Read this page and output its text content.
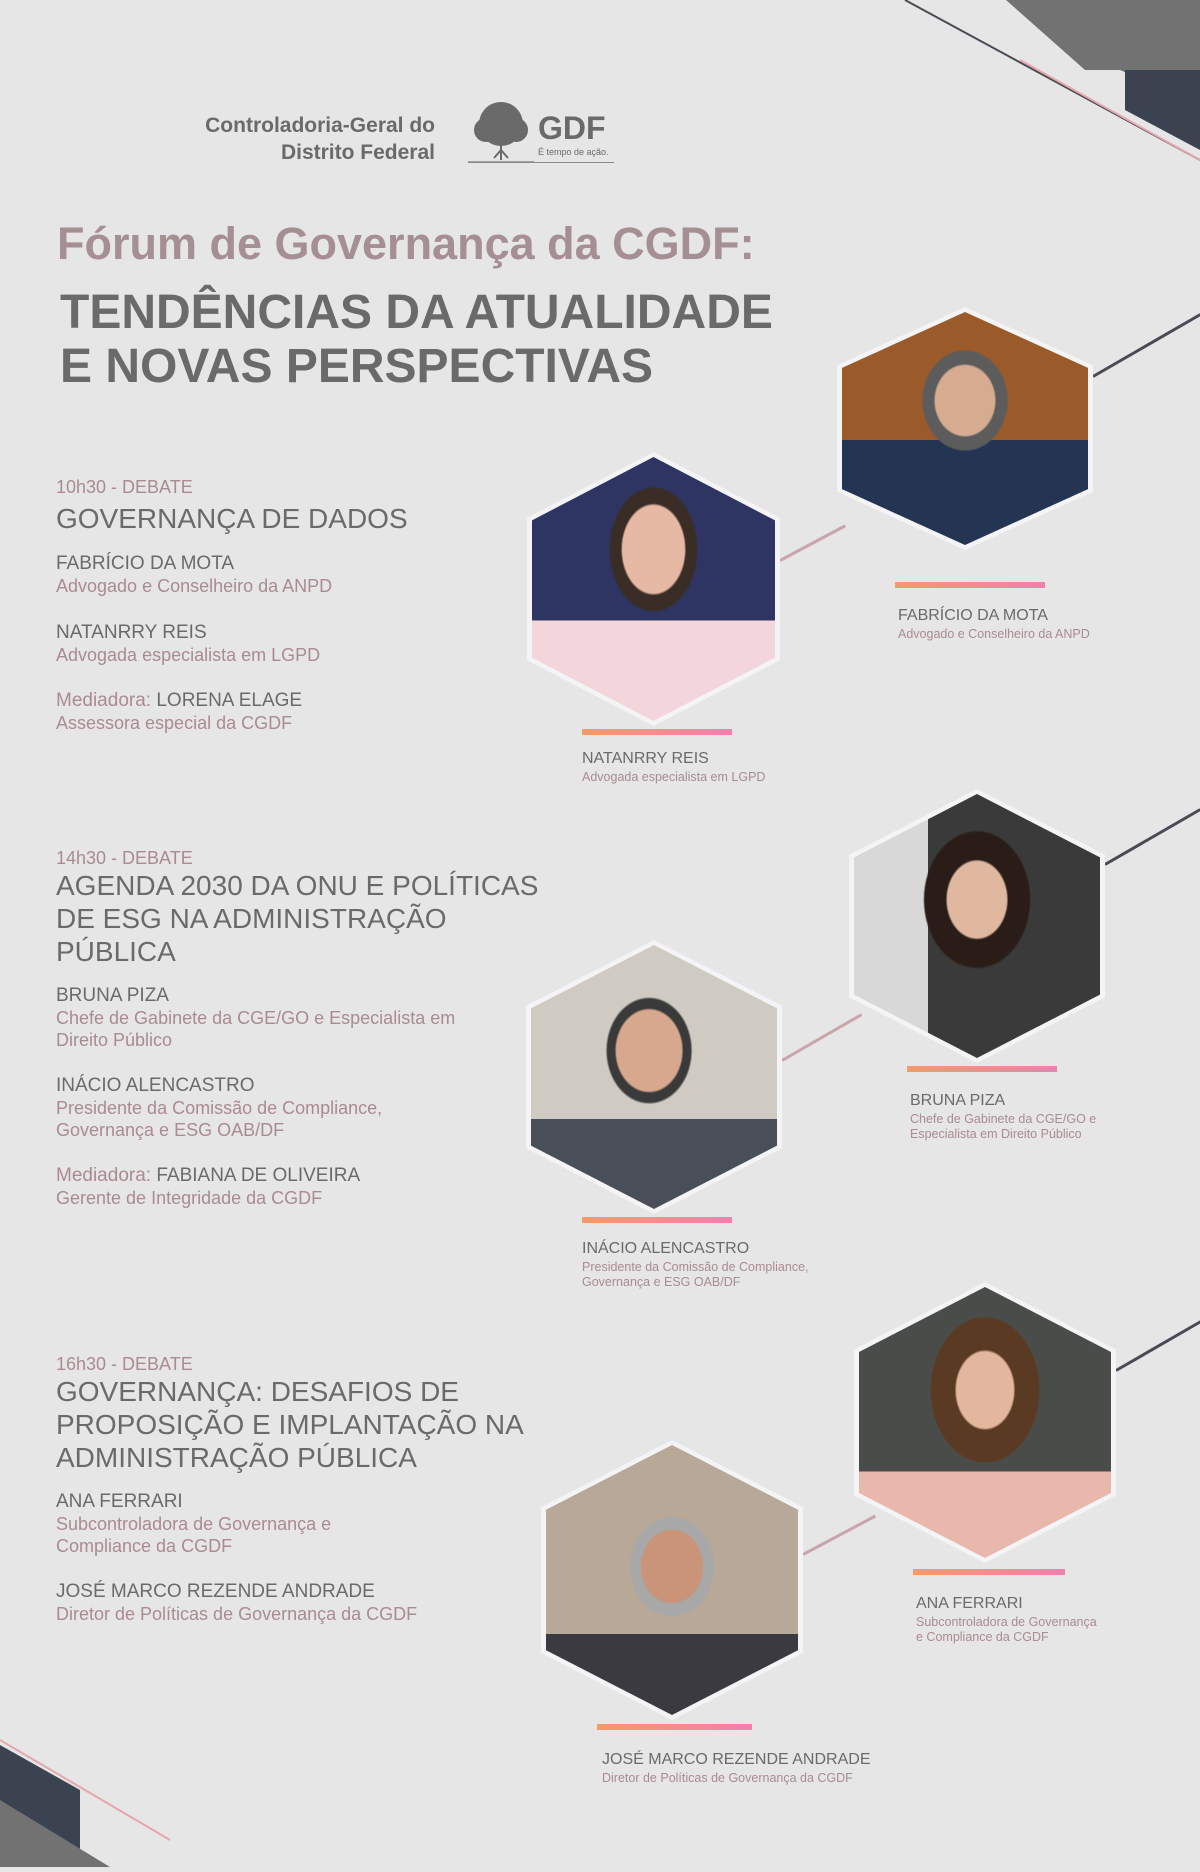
Controladoria-Geral do
Distrito Federal
GDF
É tempo de ação.
Fórum de Governança da CGDF:
TENDÊNCIAS DA ATUALIDADE
E NOVAS PERSPECTIVAS
10h30 - DEBATE
GOVERNANÇA DE DADOS
FABRÍCIO DA MOTA
Advogado e Conselheiro da ANPD
NATANRRY REIS
Advogada especialista em LGPD
Mediadora: LORENA ELAGE
Assessora especial da CGDF
NATANRRY REIS
Advogada especialista em LGPD
FABRÍCIO DA MOTA
Advogado e Conselheiro da ANPD
14h30 - DEBATE
AGENDA 2030 DA ONU E POLÍTICAS
DE ESG NA ADMINISTRAÇÃO PÚBLICA
BRUNA PIZA
Chefe de Gabinete da CGE/GO e Especialista em
Direito Público
INÁCIO ALENCASTRO
Presidente da Comissão de Compliance,
Governança e ESG OAB/DF
Mediadora: FABIANA DE OLIVEIRA
Gerente de Integridade da CGDF
BRUNA PIZA
Chefe de Gabinete da CGE/GO e
Especialista em Direito Público
INÁCIO ALENCASTRO
Presidente da Comissão de Compliance,
Governança e ESG OAB/DF
16h30 - DEBATE
GOVERNANÇA: DESAFIOS DE
PROPOSIÇÃO E IMPLANTAÇÃO NA
ADMINISTRAÇÃO PÚBLICA
ANA FERRARI
Subcontroladora de Governança e
Compliance da CGDF
JOSÉ MARCO REZENDE ANDRADE
Diretor de Políticas de Governança da CGDF
ANA FERRARI
Subcontroladora de Governança
e Compliance da CGDF
JOSÉ MARCO REZENDE ANDRADE
Diretor de Políticas de Governança da CGDF
